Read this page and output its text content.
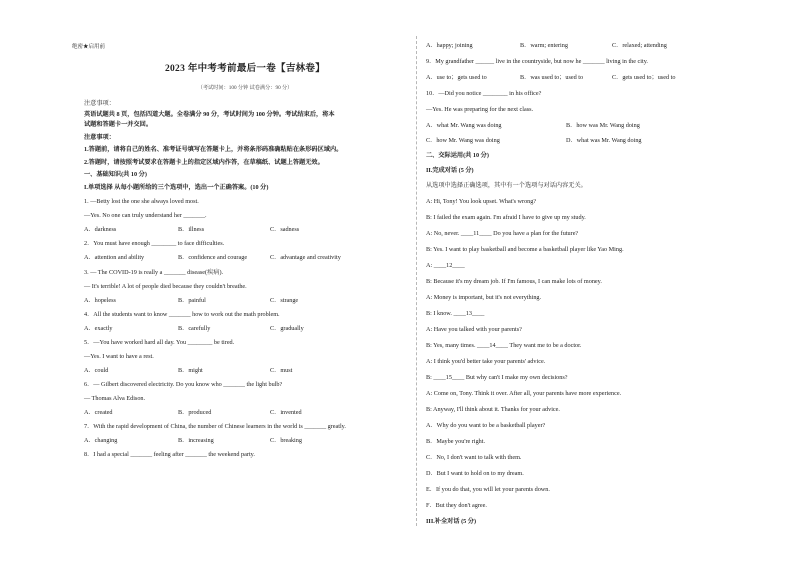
绝密★启用前
2023 年中考考前最后一卷【吉林卷】
（考试时间：100 分钟 试卷满分：90 分）
注意事项：
英语试题共 8 页，包括四道大题。全卷满分 90 分，考试时间为 100 分钟。考试结束后，将本
试题和答题卡一并交回。
注意事项：
1.答题前，请将自己的姓名、准考证号填写在答题卡上，并将条形码准确粘贴在条形码区域内。
2.答题时，请按照考试要求在答题卡上的指定区域内作答，在草稿纸、试题上答题无效。
一、基础知识(共 10 分)
I.单项选择 从每小题所给的三个选项中，选出一个正确答案。(10 分)
1. —Betty lost the one she always loved most.
—Yes. No one can truly understand her _______.
A．darkness	B．illness	C．sadness
2．You must have enough ________ to face difficulties.
A．attention and ability	B．confidence and courage	C．advantage and creativity
3. — The COVID-19 is really a _______ disease(疾病).
— It's terrible! A lot of people died because they couldn't breathe.
A．hopeless	B．painful	C．strange
4．All the students want to know _______ how to work out the math problem.
A．exactly	B．carefully	C．gradually
5．—You have worked hard all day. You ________ be tired.
—Yes. I want to have a rest.
A．could	B．might	C．must
6．— Gilbert discovered electricity. Do you know who _______ the light bulb?
— Thomas Alva Edison.
A．created	B．produced	C．invented
7．With the rapid development of China, the number of Chinese learners in the world is _______ greatly.
A．changing	B．increasing	C．breaking
8．I had a special _______ feeling after _______ the weekend party.
A．happy; joining	B．warm; entering	C．relaxed; attending
9．My grandfather ______ live in the countryside, but now he _______ living in the city.
A．use to；gets used to	B．was used to；used to	C．gets used to；used to
10．—Did you notice ________ in his office?
—Yes. He was preparing for the next class.
A．what Mr. Wang was doing	B．how was Mr. Wang doing
C．how Mr. Wang was doing	D．what was Mr. Wang doing
二、交际运用(共 10 分)
II.完成对话 (5 分)
从选项中选择正确选项，其中有一个选项与对话内容无关。
A: Hi, Tony! You look upset. What's wrong?
B: I failed the exam again. I'm afraid I have to give up my study.
A: No, never. ____11____ Do you have a plan for the future?
B: Yes. I want to play basketball and become a basketball player like Yao Ming.
A: ____12____
B: Because it's my dream job. If I'm famous, I can make lots of money.
A: Money is important, but it's not everything.
B: I know. ____13____
A: Have you talked with your parents?
B: Yes, many times. ____14____ They want me to be a doctor.
A: I think you'd better take your parents' advice.
B: ____15____ But why can't I make my own decisions?
A: Come on, Tony. Think it over. After all, your parents have more experience.
B: Anyway, I'll think about it. Thanks for your advice.
A．Why do you want to be a basketball player?
B．Maybe you're right.
C．No, I don't want to talk with them.
D．But I want to hold on to my dream.
E．If you do that, you will let your parents down.
F．But they don't agree.
III.补全对话 (5 分)
